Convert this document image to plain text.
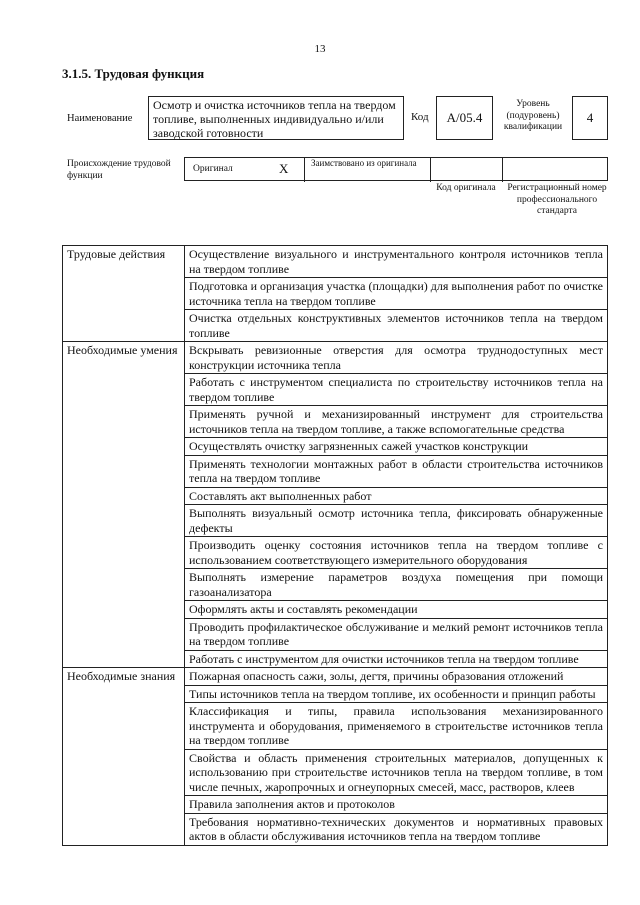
13
3.1.5. Трудовая функция
Наименование
Осмотр и очистка источников тепла на твердом топливе, выполненных индивидуально и/или заводской готовности
Код	A/05.4
Уровень (подуровень) квалификации
4
Происхождение трудовой функции
Оригинал	X	Заимствовано из оригинала
Код оригинала	Регистрационный номер профессионального стандарта
Трудовые действия	Осуществление визуального и инструментального контроля источников тепла на твердом топливе
	Подготовка и организация участка (площадки) для выполнения работ по очистке источника тепла на твердом топливе
	Очистка отдельных конструктивных элементов источников тепла на твердом топливе
Необходимые умения	Вскрывать ревизионные отверстия для осмотра труднодоступных мест конструкции источника тепла
	Работать с инструментом специалиста по строительству источников тепла на твердом топливе
	Применять ручной и механизированный инструмент для строительства источников тепла на твердом топливе, а также вспомогательные средства
	Осуществлять очистку загрязненных сажей участков конструкции
	Применять технологии монтажных работ в области строительства источников тепла на твердом топливе
	Составлять акт выполненных работ
	Выполнять визуальный осмотр источника тепла, фиксировать обнаруженные дефекты
	Производить оценку состояния источников тепла на твердом топливе с использованием соответствующего измерительного оборудования
	Выполнять измерение параметров воздуха помещения при помощи газоанализатора
	Оформлять акты и составлять рекомендации
	Проводить профилактическое обслуживание и мелкий ремонт источников тепла на твердом топливе
	Работать с инструментом для очистки источников тепла на твердом топливе
Необходимые знания	Пожарная опасность сажи, золы, дегтя, причины образования отложений
	Типы источников тепла на твердом топливе, их особенности и принцип работы
	Классификация и типы, правила использования механизированного инструмента и оборудования, применяемого в строительстве источников тепла на твердом топливе
	Свойства и область применения строительных материалов, допущенных к использованию при строительстве источников тепла на твердом топливе, в том числе печных, жаропрочных и огнеупорных смесей, масс, растворов, клеев
	Правила заполнения актов и протоколов
	Требования нормативно-технических документов и нормативных правовых актов в области обслуживания источников тепла на твердом топливе
